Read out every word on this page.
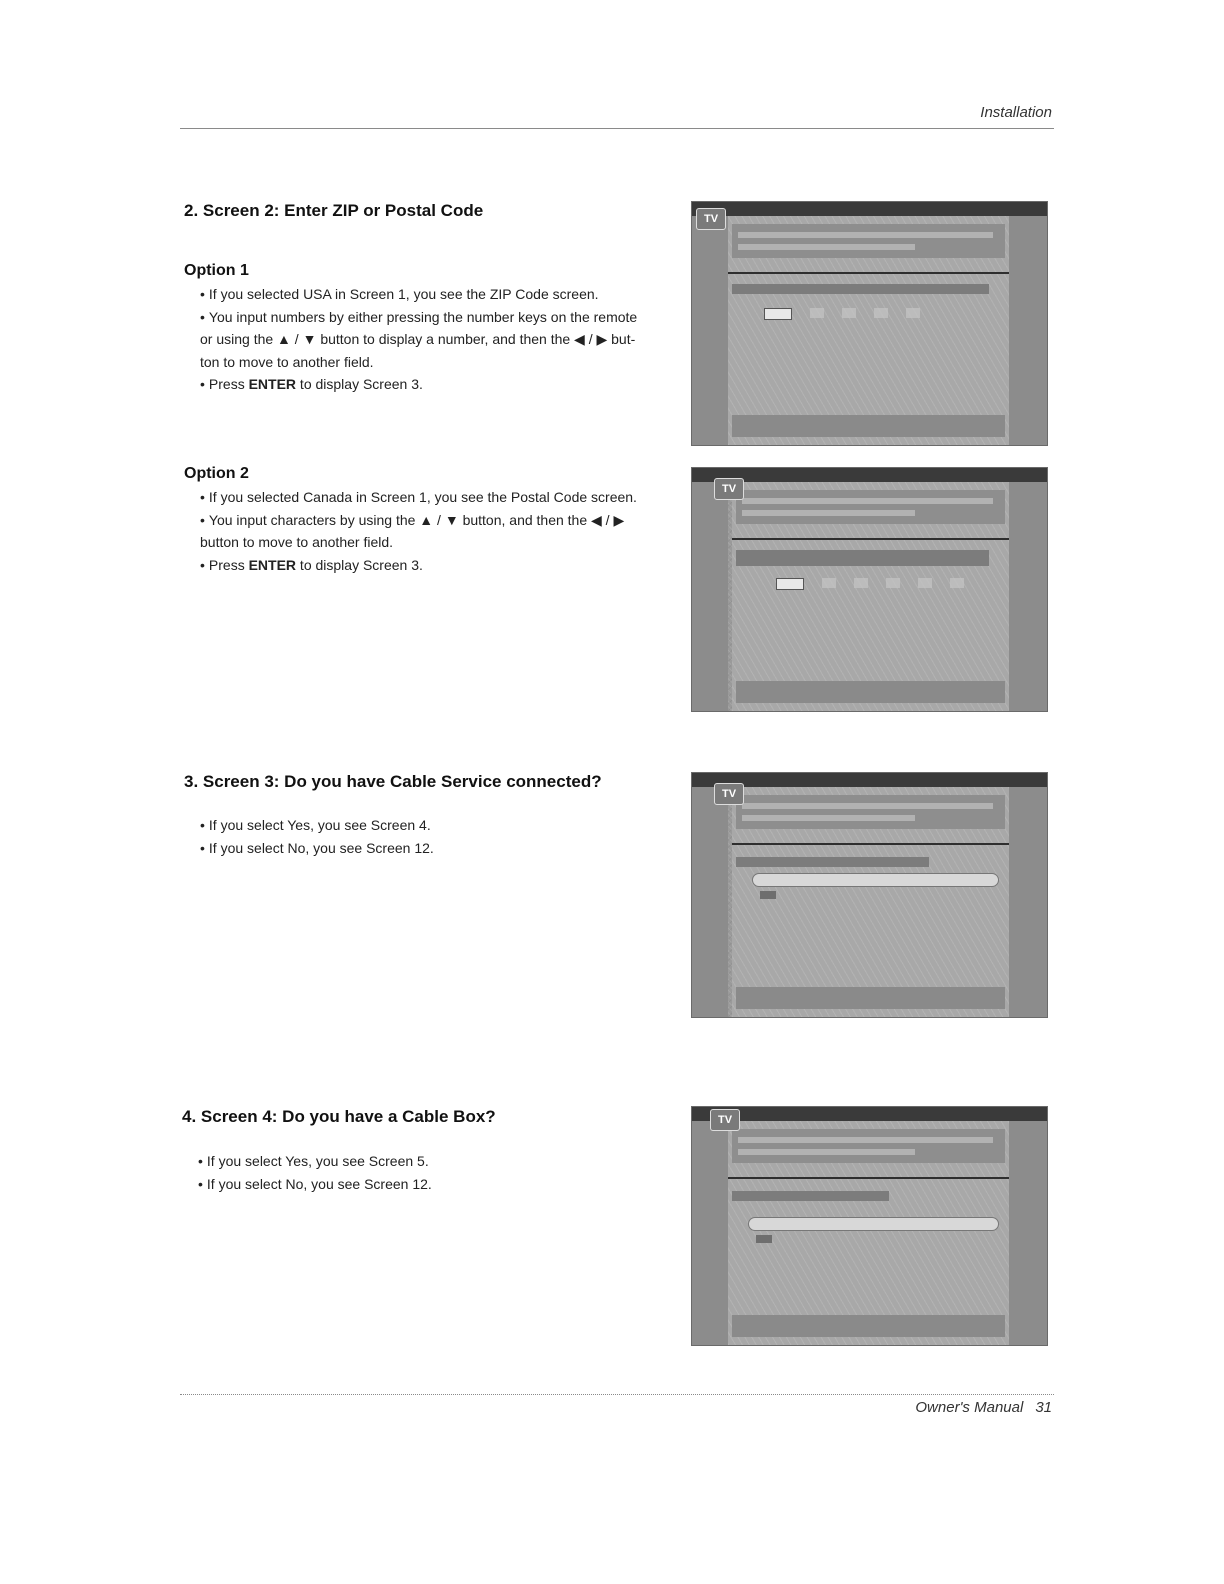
Installation
2. Screen 2: Enter ZIP or Postal Code
Option 1
• If you selected USA in Screen 1, you see the ZIP Code screen.
• You input numbers by either pressing the number keys on the remote
or using the ▲ / ▼ button to display a number, and then the ◀ / ▶ but-
ton to move to another field.
• Press ENTER to display Screen 3.
Option 2
• If you selected Canada in Screen 1, you see the Postal Code screen.
• You input characters by using the ▲ / ▼ button, and then the ◀ / ▶
button to move to another field.
• Press ENTER to display Screen 3.
3. Screen 3: Do you have Cable Service connected?
• If you select Yes, you see Screen 4.
• If you select No, you see Screen 12.
4. Screen 4: Do you have a Cable Box?
• If you select Yes, you see Screen 5.
• If you select No, you see Screen 12.
TV
TV
TV
TV
Owner's Manual 31
